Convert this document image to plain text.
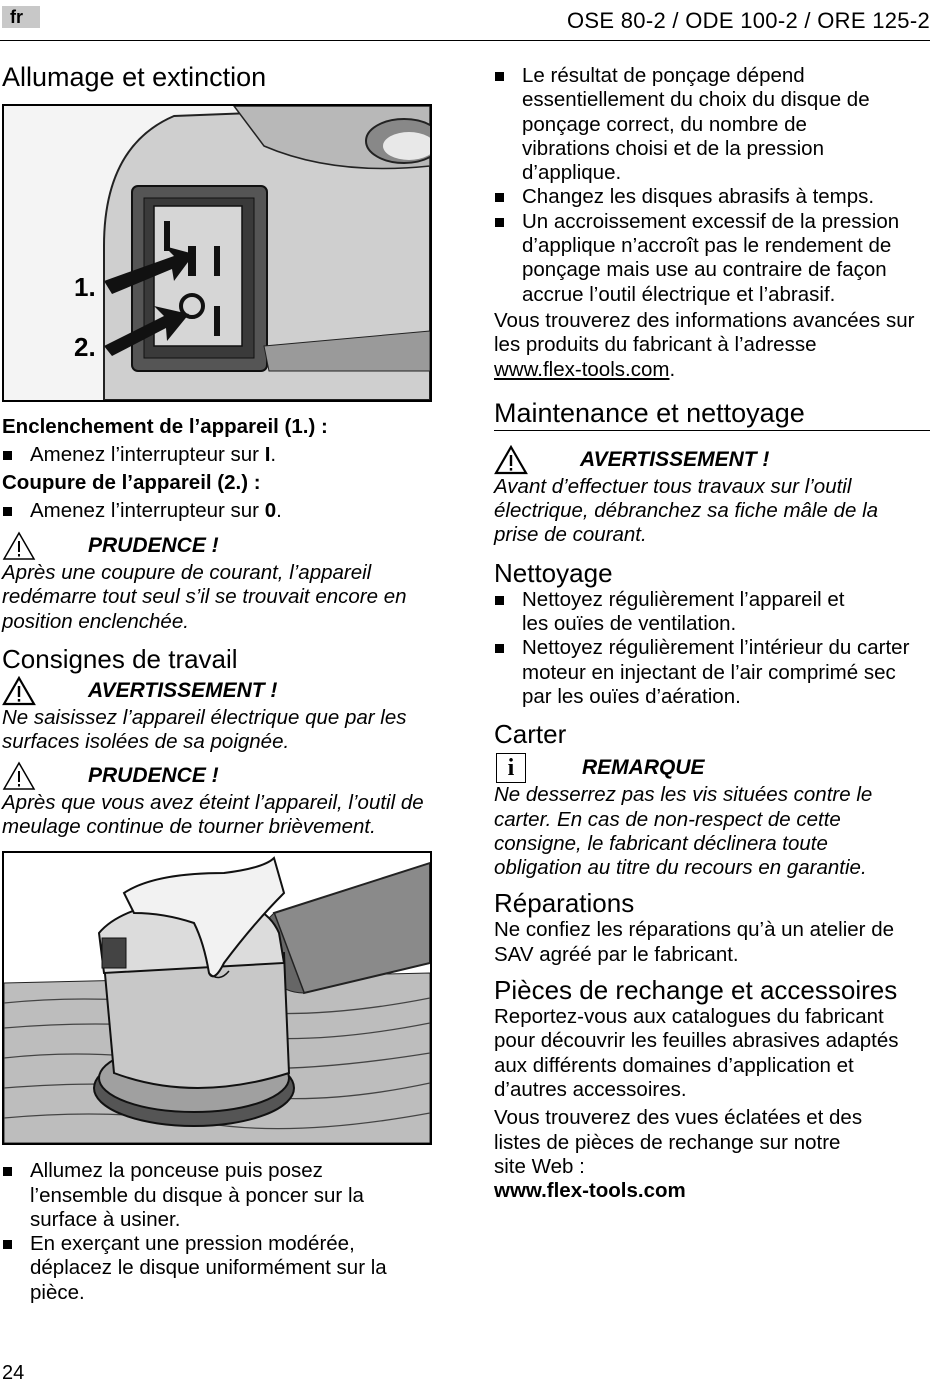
fr	OSE 80-2 / ODE 100-2 / ORE 125-2
Allumage et extinction
1.
2.
Enclenchement de l’appareil (1.) :
Amenez l’interrupteur sur I.
Coupure de l’appareil (2.) :
Amenez l’interrupteur sur 0.
PRUDENCE !

Après une coupure de courant, l’appareil redémarre tout seul s’il se trouvait encore en position enclenchée.

Consignes de travail
AVERTISSEMENT !

Ne saisissez l’appareil électrique que par les surfaces isolées de sa poignée.

PRUDENCE !

Après que vous avez éteint l’appareil, l’outil de meulage continue de tourner brièvement.

Allumez la ponceuse puis posez l’ensemble du disque à poncer sur la surface à usiner.
En exerçant une pression modérée, déplacez le disque uniformément sur la pièce.
Le résultat de ponçage dépend essentiellement du choix du disque de ponçage correct, du nombre de vibrations choisi et de la pression d’applique.
Changez les disques abrasifs à temps.
Un accroissement excessif de la pression d’applique n’accroît pas le rendement de ponçage mais use au contraire de façon accrue l’outil électrique et l’abrasif.

Vous trouverez des informations avancées sur les produits du fabricant à l’adresse
www.flex-tools.com.

Maintenance et nettoyage
AVERTISSEMENT !

Avant d’effectuer tous travaux sur l’outil électrique, débranchez sa fiche mâle de la prise de courant.

Nettoyage
Nettoyez régulièrement l’appareil et les ouïes de ventilation.
Nettoyez régulièrement l’intérieur du carter moteur en injectant de l’air comprimé sec par les ouïes d’aération.
Carter
i	REMARQUE

Ne desserrez pas les vis situées contre le carter. En cas de non-respect de cette consigne, le fabricant déclinera toute obligation au titre du recours en garantie.

Réparations

Ne confiez les réparations qu’à un atelier de SAV agréé par le fabricant.

Pièces de rechange et accessoires

Reportez-vous aux catalogues du fabricant pour découvrir les feuilles abrasives adaptés aux différents domaines d’application et d’autres accessoires.

Vous trouverez des vues éclatées et des listes de pièces de rechange sur notre site Web :

www.flex-tools.com

24
